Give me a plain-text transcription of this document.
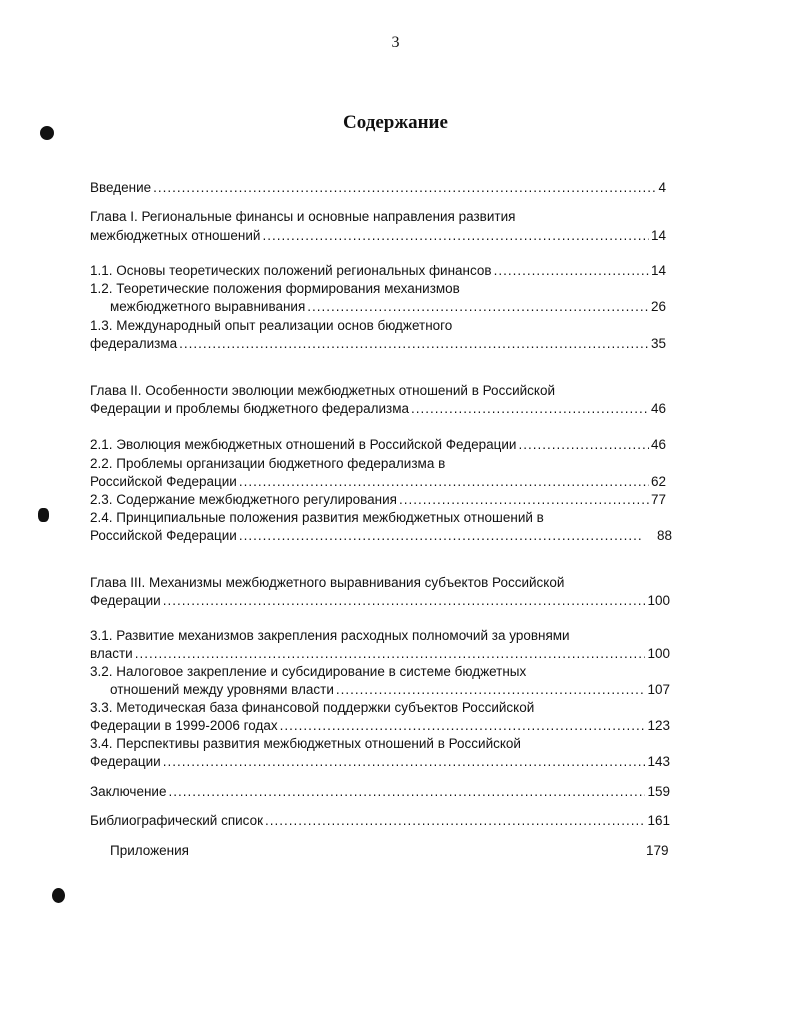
3
Содержание
Введение .....	4
Глава I. Региональные финансы и основные направления развития
межбюджетных отношений .....	14
1.1. Основы теоретических положений региональных финансов .....	14
1.2. Теоретические положения формирования механизмов
межбюджетного выравнивания .....	26
1.3. Международный опыт реализации основ бюджетного
федерализма .....	35
Глава II. Особенности эволюции межбюджетных отношений в Российской
Федерации и проблемы бюджетного федерализма .....	46
2.1. Эволюция межбюджетных отношений в Российской Федерации .....	46
2.2. Проблемы организации бюджетного федерализма в
Российской Федерации .....	62
2.3. Содержание межбюджетного регулирования .....	77
2.4. Принципиальные положения развития межбюджетных отношений в
Российской Федерации .....	88
Глава III. Механизмы межбюджетного выравнивания субъектов Российской
Федерации .....	100
3.1. Развитие механизмов закрепления расходных полномочий за уровнями
власти .....	100
3.2. Налоговое закрепление и субсидирование в системе бюджетных
отношений между уровнями власти .....	107
3.3. Методическая база финансовой поддержки субъектов Российской
Федерации в 1999-2006 годах .....	123
3.4. Перспективы развития межбюджетных отношений в Российской
Федерации .....	143
Заключение .....	159
Библиографический список .....	161
Приложения	179
